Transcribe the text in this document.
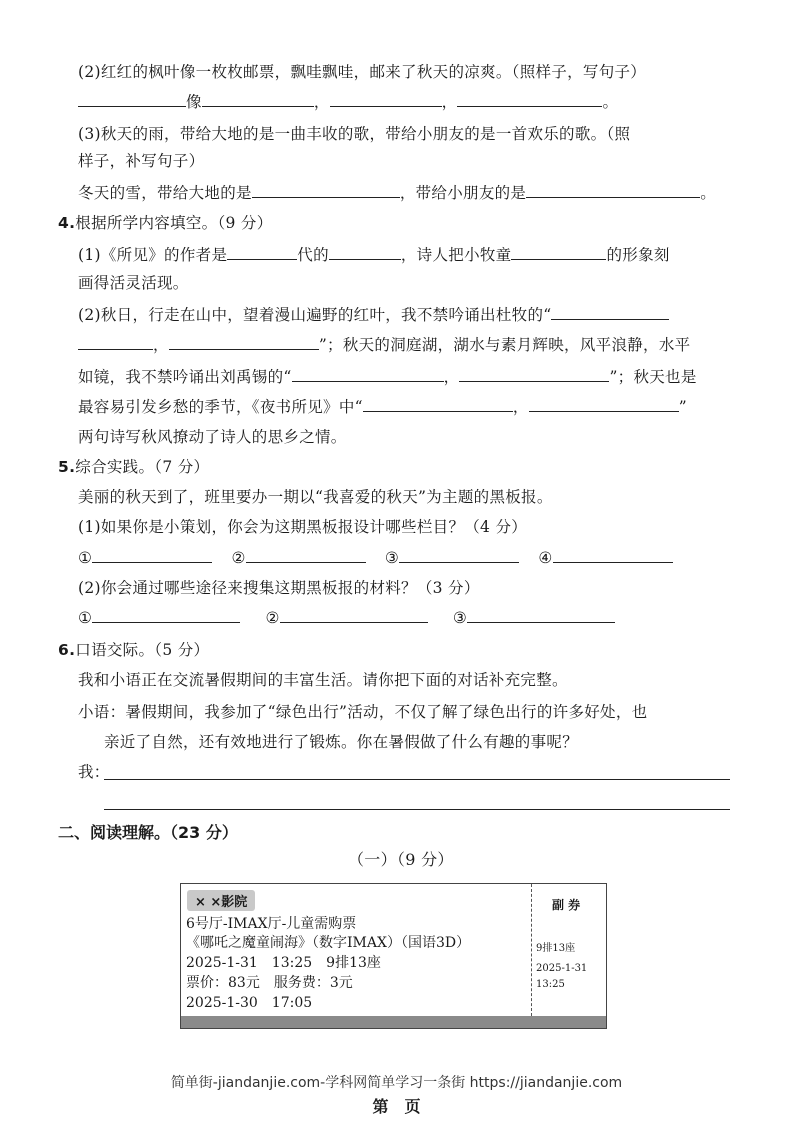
(2)红红的枫叶像一枚枚邮票，飘哇飘哇，邮来了秋天的凉爽。（照样子，写句子）
像	，	，	。
(3)秋天的雨，带给大地的是一曲丰收的歌，带给小朋友的是一首欢乐的歌。（照
样子，补写句子）
冬天的雪，带给大地的是	，带给小朋友的是	。
4.根据所学内容填空。（9 分）
(1)《所见》的作者是	代的	，诗人把小牧童	的形象刻
画得活灵活现。
(2)秋日，行走在山中，望着漫山遍野的红叶，我不禁吟诵出杜牧的“
，	”；秋天的洞庭湖，湖水与素月辉映，风平浪静，水平
如镜，我不禁吟诵出刘禹锡的“	，	”；秋天也是
最容易引发乡愁的季节，《夜书所见》中“	，	”
两句诗写秋风撩动了诗人的思乡之情。
5.综合实践。（7 分）
美丽的秋天到了，班里要办一期以“我喜爱的秋天”为主题的黑板报。
(1)如果你是小策划，你会为这期黑板报设计哪些栏目？（4 分）
①	②	③	④
(2)你会通过哪些途径来搜集这期黑板报的材料？（3 分）
①	②	③
6.口语交际。（5 分）
我和小语正在交流暑假期间的丰富生活。请你把下面的对话补充完整。
小语：暑假期间，我参加了“绿色出行”活动，不仅了解了绿色出行的许多好处，也
亲近了自然，还有效地进行了锻炼。你在暑假做了什么有趣的事呢？
我：
二、阅读理解。（23 分）
（一）（9 分）
× ×影院
6号厅-IMAX厅-儿童需购票
《哪吒之魔童闹海》（数字IMAX）（国语3D）
2025-1-31　13:25　9排13座
票价：83元　服务费：3元
2025-1-30　17:05
副 券
9排13座
2025-1-31
13:25
简单街-jiandanjie.com-学科网简单学习一条街 https://jiandanjie.com
第　页
